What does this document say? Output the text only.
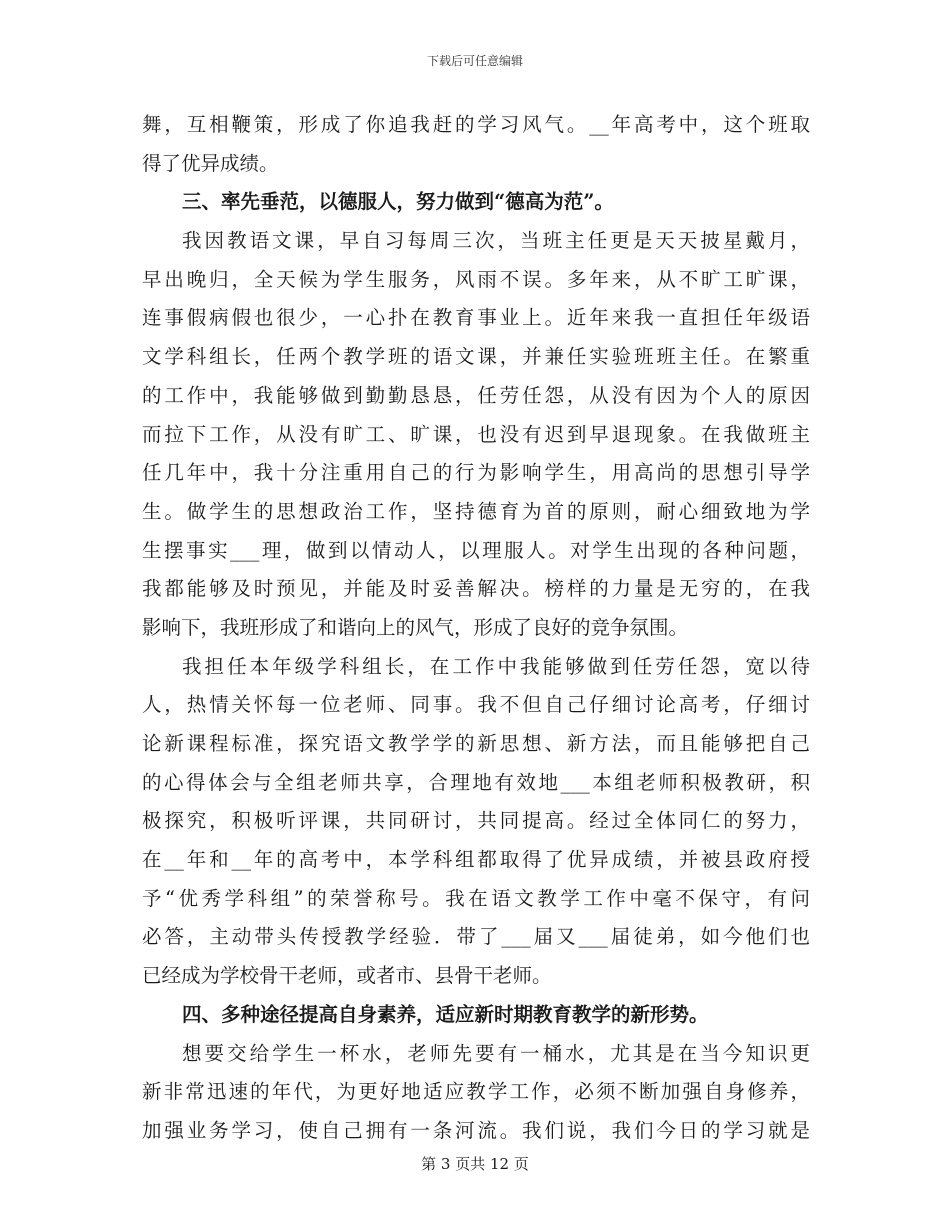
下载后可任意编辑
舞，互相鞭策，形成了你追我赶的学习风气。__年高考中，这个班取
得了优异成绩。
三、率先垂范，以德服人，努力做到“德高为范”。
我因教语文课，早自习每周三次，当班主任更是天天披星戴月，
早出晚归，全天候为学生服务，风雨不误。多年来，从不旷工旷课，
连事假病假也很少，一心扑在教育事业上。近年来我一直担任年级语
文学科组长，任两个教学班的语文课，并兼任实验班班主任。在繁重
的工作中，我能够做到勤勤恳恳，任劳任怨，从没有因为个人的原因
而拉下工作，从没有旷工、旷课，也没有迟到早退现象。在我做班主
任几年中，我十分注重用自己的行为影响学生，用高尚的思想引导学
生。做学生的思想政治工作，坚持德育为首的原则，耐心细致地为学
生摆事实___理，做到以情动人，以理服人。对学生出现的各种问题，
我都能够及时预见，并能及时妥善解决。榜样的力量是无穷的，在我
影响下，我班形成了和谐向上的风气，形成了良好的竞争氛围。
我担任本年级学科组长，在工作中我能够做到任劳任怨，宽以待
人，热情关怀每一位老师、同事。我不但自己仔细讨论高考，仔细讨
论新课程标准，探究语文教学学的新思想、新方法，而且能够把自己
的心得体会与全组老师共享，合理地有效地___本组老师积极教研，积
极探究，积极听评课，共同研讨，共同提高。经过全体同仁的努力，
在__年和__年的高考中，本学科组都取得了优异成绩，并被县政府授
予“优秀学科组”的荣誉称号。我在语文教学工作中毫不保守，有问
必答，主动带头传授教学经验．带了___届又___届徒弟，如今他们也
已经成为学校骨干老师，或者市、县骨干老师。
四、多种途径提高自身素养，适应新时期教育教学的新形势。
想要交给学生一杯水，老师先要有一桶水，尤其是在当今知识更
新非常迅速的年代，为更好地适应教学工作，必须不断加强自身修养，
加强业务学习，使自己拥有一条河流。我们说，我们今日的学习就是
第 3 页共 12 页
